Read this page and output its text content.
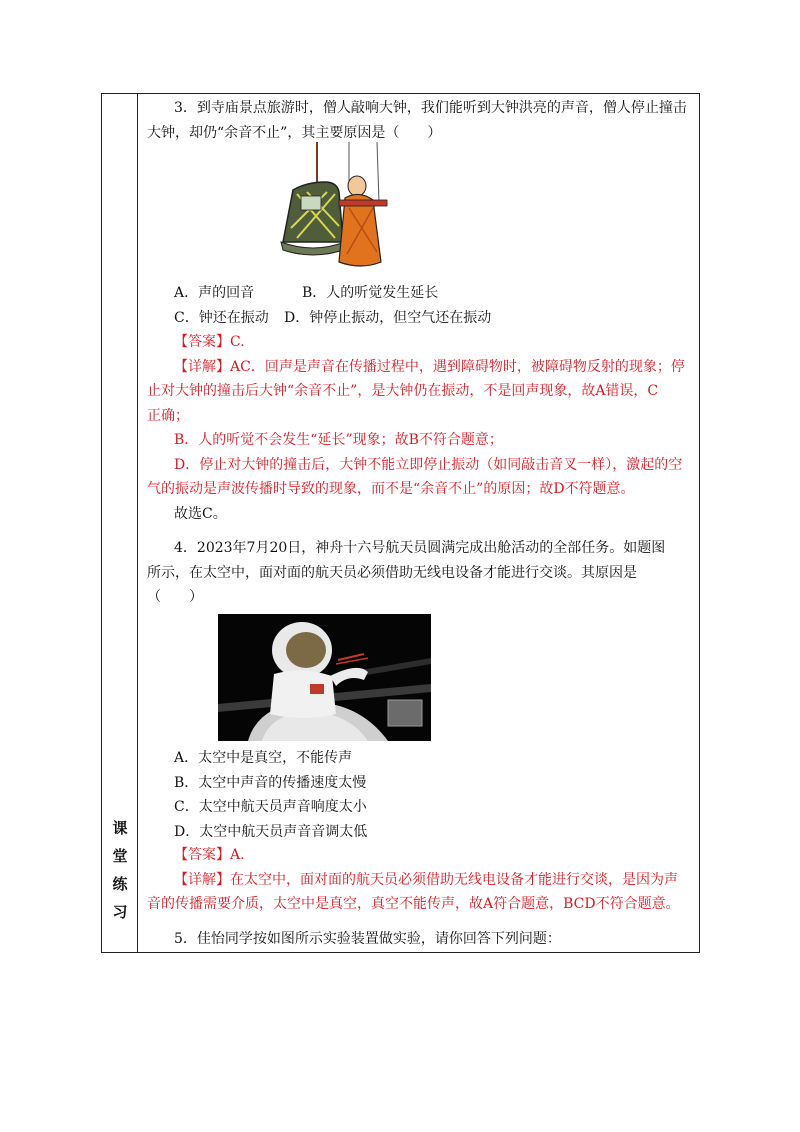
课
堂
练
习

3．到寺庙景点旅游时，僧人敲响大钟，我们能听到大钟洪亮的声音，僧人停止撞击

大钟，却仍“余音不止”，其主要原因是（　　）

A．声的回音	B．人的听觉发生延长

C．钟还在振动 D．钟停止振动，但空气还在振动

【答案】C.

【详解】AC．回声是声音在传播过程中，遇到障碍物时，被障碍物反射的现象；停

止对大钟的撞击后大钟“余音不止”，是大钟仍在振动，不是回声现象，故A错误，C

正确；

B．人的听觉不会发生“延长”现象；故B不符合题意；

D．停止对大钟的撞击后，大钟不能立即停止振动（如同敲击音叉一样），激起的空

气的振动是声波传播时导致的现象，而不是“余音不止”的原因；故D不符题意。

故选C。

4．2023年7月20日，神舟十六号航天员圆满完成出舱活动的全部任务。如题图

所示，在太空中，面对面的航天员必须借助无线电设备才能进行交谈。其原因是

（　　）

A．太空中是真空，不能传声

B．太空中声音的传播速度太慢

C．太空中航天员声音响度太小

D．太空中航天员声音音调太低

【答案】A.

【详解】在太空中，面对面的航天员必须借助无线电设备才能进行交谈，是因为声

音的传播需要介质，太空中是真空，真空不能传声，故A符合题意，BCD不符合题意。

5．佳怡同学按如图所示实验装置做实验，请你回答下列问题：
